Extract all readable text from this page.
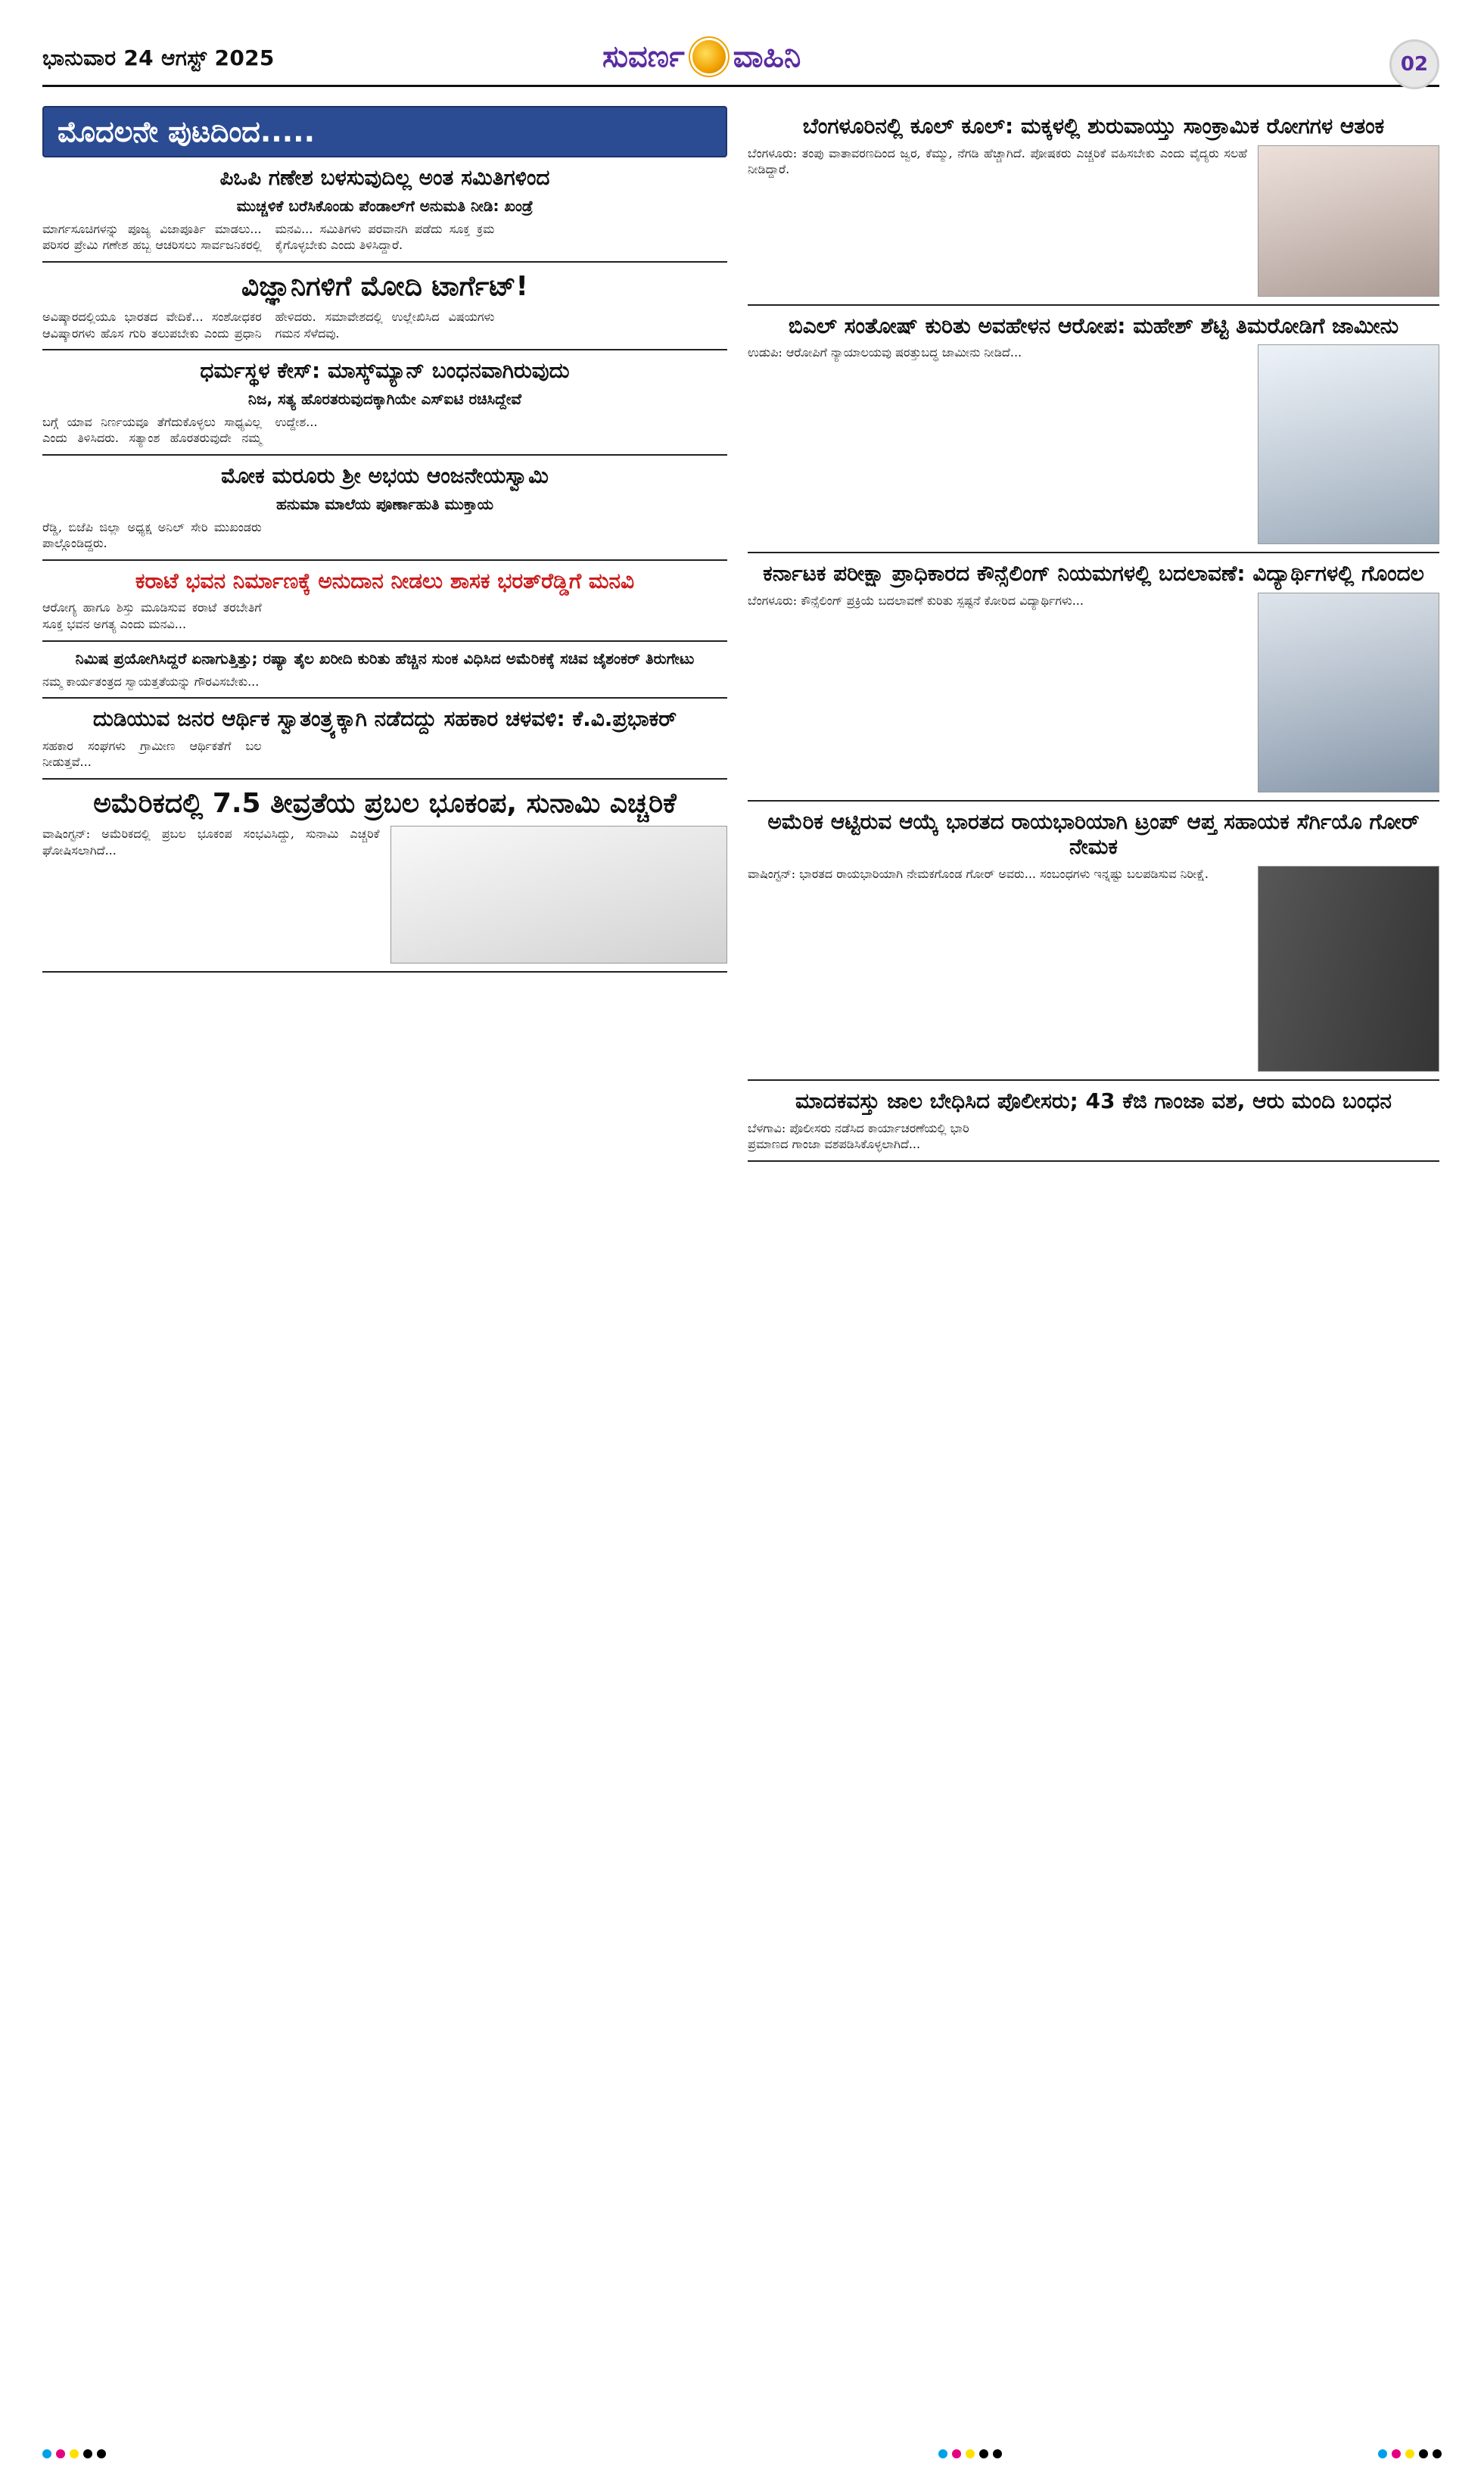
ಭಾನುವಾರ 24 ಆಗಸ್ಟ್ 2025	ಸುವರ್ಣ ವಾಹಿನಿ	02
ಮೊದಲನೇ ಪುಟದಿಂದ.....
ಪಿಒಪಿ ಗಣೇಶ ಬಳಸುವುದಿಲ್ಲ ಅಂತ ಸಮಿತಿಗಳಿಂದ
ಮುಚ್ಚಳಿಕೆ ಬರೆಸಿಕೊಂಡು ಪೆಂಡಾಲ್‌ಗೆ ಅನುಮತಿ ನೀಡಿ: ಖಂಡ್ರೆ
ಮಾರ್ಗಸೂಚಿಗಳನ್ನು ಪೂಜ್ಯ ವಿಜಾಪೂರ್ತಿ ಮಾಡಲು... ಪರಿಸರ ಪ್ರೇಮಿ ಗಣೇಶ ಹಬ್ಬ ಆಚರಿಸಲು ಸಾರ್ವಜನಿಕರಲ್ಲಿ ಮನವಿ... ಸಮಿತಿಗಳು ಪರವಾನಗಿ ಪಡೆದು ಸೂಕ್ತ ಕ್ರಮ ಕೈಗೊಳ್ಳಬೇಕು ಎಂದು ತಿಳಿಸಿದ್ದಾರೆ.
ವಿಜ್ಞಾನಿಗಳಿಗೆ ಮೋದಿ ಟಾರ್ಗೆಟ್!
ಅವಿಷ್ಕಾರದಲ್ಲಿಯೂ ಭಾರತದ ವೇದಿಕೆ... ಸಂಶೋಧಕರ ಆವಿಷ್ಕಾರಗಳು ಹೊಸ ಗುರಿ ತಲುಪಬೇಕು ಎಂದು ಪ್ರಧಾನಿ ಹೇಳಿದರು. ಸಮಾವೇಶದಲ್ಲಿ ಉಲ್ಲೇಖಿಸಿದ ವಿಷಯಗಳು ಗಮನ ಸೆಳೆದವು.
ಧರ್ಮಸ್ಥಳ ಕೇಸ್: ಮಾಸ್ಕ್‌ಮ್ಯಾನ್ ಬಂಧನವಾಗಿರುವುದು
ನಿಜ, ಸತ್ಯ ಹೊರತರುವುದಕ್ಕಾಗಿಯೇ ಎಸ್‌ಐಟಿ ರಚಿಸಿದ್ದೇವೆ
ಬಗ್ಗೆ ಯಾವ ನಿರ್ಣಯವೂ ತೆಗೆದುಕೊಳ್ಳಲು ಸಾಧ್ಯವಿಲ್ಲ ಎಂದು ತಿಳಿಸಿದರು. ಸತ್ಯಾಂಶ ಹೊರತರುವುದೇ ನಮ್ಮ ಉದ್ದೇಶ...
ಮೋಕ ಮರೂರು ಶ್ರೀ ಅಭಯ ಆಂಜನೇಯಸ್ವಾಮಿ
ಹನುಮಾ ಮಾಲೆಯ ಪೂರ್ಣಾಹುತಿ ಮುಕ್ತಾಯ
ರೆಡ್ಡಿ, ಬಿಜೆಪಿ ಜಿಲ್ಲಾ ಅಧ್ಯಕ್ಷ ಅನಿಲ್ ಸೇರಿ ಮುಖಂಡರು ಪಾಲ್ಗೊಂಡಿದ್ದರು.
ಕರಾಟೆ ಭವನ ನಿರ್ಮಾಣಕ್ಕೆ ಅನುದಾನ ನೀಡಲು ಶಾಸಕ ಭರತ್‌ರೆಡ್ಡಿಗೆ ಮನವಿ
ಆರೋಗ್ಯ ಹಾಗೂ ಶಿಸ್ತು ಮೂಡಿಸುವ ಕರಾಟೆ ತರಬೇತಿಗೆ ಸೂಕ್ತ ಭವನ ಅಗತ್ಯ ಎಂದು ಮನವಿ...
ನಿಮಿಷ ಪ್ರಯೋಗಿಸಿದ್ದರೆ ಏನಾಗುತ್ತಿತ್ತು; ರಷ್ಯಾ ತೈಲ ಖರೀದಿ ಕುರಿತು ಹೆಚ್ಚಿನ ಸುಂಕ ವಿಧಿಸಿದ ಅಮೆರಿಕಕ್ಕೆ ಸಚಿವ ಜೈಶಂಕರ್ ತಿರುಗೇಟು
ನಮ್ಮ ಕಾರ್ಯತಂತ್ರದ ಸ್ವಾಯತ್ತತೆಯನ್ನು ಗೌರವಿಸಬೇಕು...
ದುಡಿಯುವ ಜನರ ಆರ್ಥಿಕ ಸ್ವಾತಂತ್ರ್ಯಕ್ಕಾಗಿ ನಡೆದದ್ದು ಸಹಕಾರ ಚಳವಳಿ: ಕೆ.ವಿ.ಪ್ರಭಾಕರ್
ಸಹಕಾರ ಸಂಘಗಳು ಗ್ರಾಮೀಣ ಆರ್ಥಿಕತೆಗೆ ಬಲ ನೀಡುತ್ತವೆ...
ಅಮೆರಿಕದಲ್ಲಿ 7.5 ತೀವ್ರತೆಯ ಪ್ರಬಲ ಭೂಕಂಪ, ಸುನಾಮಿ ಎಚ್ಚರಿಕೆ
ವಾಷಿಂಗ್ಟನ್: ಅಮೆರಿಕದಲ್ಲಿ ಪ್ರಬಲ ಭೂಕಂಪ ಸಂಭವಿಸಿದ್ದು, ಸುನಾಮಿ ಎಚ್ಚರಿಕೆ ಘೋಷಿಸಲಾಗಿದೆ...
ಬೆಂಗಳೂರಿನಲ್ಲಿ ಕೂಲ್ ಕೂಲ್: ಮಕ್ಕಳಲ್ಲಿ ಶುರುವಾಯ್ತು ಸಾಂಕ್ರಾಮಿಕ ರೋಗಗಳ ಆತಂಕ
ಬೆಂಗಳೂರು: ತಂಪು ವಾತಾವರಣದಿಂದ ಜ್ವರ, ಕೆಮ್ಮು, ನೆಗಡಿ ಹೆಚ್ಚಾಗಿದೆ. ಪೋಷಕರು ಎಚ್ಚರಿಕೆ ವಹಿಸಬೇಕು ಎಂದು ವೈದ್ಯರು ಸಲಹೆ ನೀಡಿದ್ದಾರೆ.
ಬಿಎಲ್ ಸಂತೋಷ್ ಕುರಿತು ಅವಹೇಳನ ಆರೋಪ: ಮಹೇಶ್ ಶೆಟ್ಟಿ ತಿಮರೋಡಿಗೆ ಜಾಮೀನು
ಉಡುಪಿ: ಆರೋಪಿಗೆ ನ್ಯಾಯಾಲಯವು ಷರತ್ತುಬದ್ಧ ಜಾಮೀನು ನೀಡಿದೆ...
ಕರ್ನಾಟಕ ಪರೀಕ್ಷಾ ಪ್ರಾಧಿಕಾರದ ಕೌನ್ಸೆಲಿಂಗ್ ನಿಯಮಗಳಲ್ಲಿ ಬದಲಾವಣೆ: ವಿದ್ಯಾರ್ಥಿಗಳಲ್ಲಿ ಗೊಂದಲ
ಬೆಂಗಳೂರು: ಕೌನ್ಸೆಲಿಂಗ್ ಪ್ರಕ್ರಿಯೆ ಬದಲಾವಣೆ ಕುರಿತು ಸ್ಪಷ್ಟನೆ ಕೋರಿದ ವಿದ್ಯಾರ್ಥಿಗಳು...
ಅಮೆರಿಕ ಆಟ್ಟಿರುವ ಆಯ್ಕೆ ಭಾರತದ ರಾಯಭಾರಿಯಾಗಿ ಟ್ರಂಪ್ ಆಪ್ತ ಸಹಾಯಕ ಸೆರ್ಗಿಯೊ ಗೋರ್ ನೇಮಕ
ವಾಷಿಂಗ್ಟನ್: ಭಾರತದ ರಾಯಭಾರಿಯಾಗಿ ನೇಮಕಗೊಂಡ ಗೋರ್ ಅವರು... ಸಂಬಂಧಗಳು ಇನ್ನಷ್ಟು ಬಲಪಡಿಸುವ ನಿರೀಕ್ಷೆ.
ಮಾದಕವಸ್ತು ಜಾಲ ಬೇಧಿಸಿದ ಪೊಲೀಸರು; 43 ಕೆಜಿ ಗಾಂಜಾ ವಶ, ಆರು ಮಂದಿ ಬಂಧನ
ಬೆಳಗಾವಿ: ಪೊಲೀಸರು ನಡೆಸಿದ ಕಾರ್ಯಾಚರಣೆಯಲ್ಲಿ ಭಾರಿ ಪ್ರಮಾಣದ ಗಾಂಜಾ ವಶಪಡಿಸಿಕೊಳ್ಳಲಾಗಿದೆ...
